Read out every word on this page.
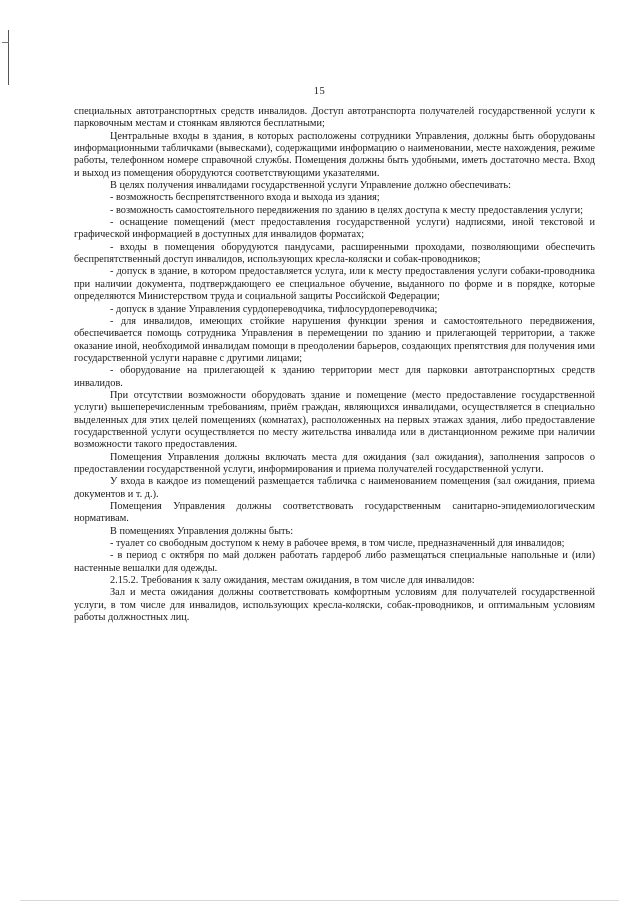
15

специальных автотранспортных средств инвалидов. Доступ автотранспорта получателей государственной услуги к парковочным местам и стоянкам являются бесплатными;

Центральные входы в здания, в которых расположены сотрудники Управления, должны быть оборудованы информационными табличками (вывесками), содержащими информацию о наименовании, месте нахождения, режиме работы, телефонном номере справочной службы. Помещения должны быть удобными, иметь достаточно места. Вход и выход из помещения оборудуются соответствующими указателями.

В целях получения инвалидами государственной услуги Управление должно обеспечивать:

- возможность беспрепятственного входа и выхода из здания;

- возможность самостоятельного передвижения по зданию в целях доступа к месту предоставления услуги;

- оснащение помещений (мест предоставления государственной услуги) надписями, иной текстовой и графической информацией в доступных для инвалидов форматах;

- входы в помещения оборудуются пандусами, расширенными проходами, позволяющими обеспечить беспрепятственный доступ инвалидов, использующих кресла-коляски и собак-проводников;

- допуск в здание, в котором предоставляется услуга, или к месту предоставления услуги собаки-проводника при наличии документа, подтверждающего ее специальное обучение, выданного по форме и в порядке, которые определяются Министерством труда и социальной защиты Российской Федерации;

- допуск в здание Управления сурдопереводчика, тифлосурдопереводчика;

- для инвалидов, имеющих стойкие нарушения функции зрения и самостоятельного передвижения, обеспечивается помощь сотрудника Управления в перемещении по зданию и прилегающей территории, а также оказание иной, необходимой инвалидам помощи в преодолении барьеров, создающих препятствия для получения ими государственной услуги наравне с другими лицами;

- оборудование на прилегающей к зданию территории мест для парковки автотранспортных средств инвалидов.

При отсутствии возможности оборудовать здание и помещение (место предоставление государственной услуги) вышеперечисленным требованиям, приём граждан, являющихся инвалидами, осуществляется в специально выделенных для этих целей помещениях (комнатах), расположенных на первых этажах здания, либо предоставление государственной услуги осуществляется по месту жительства инвалида или в дистанционном режиме при наличии возможности такого предоставления.

Помещения Управления должны включать места для ожидания (зал ожидания), заполнения запросов о предоставлении государственной услуги, информирования и приема получателей государственной услуги.

У входа в каждое из помещений размещается табличка с наименованием помещения (зал ожидания, приема документов и т. д.).

Помещения Управления должны соответствовать государственным санитарно-эпидемиологическим нормативам.

В помещениях Управления должны быть:

- туалет со свободным доступом к нему в рабочее время, в том числе, предназначенный для инвалидов;

- в период с октября по май должен работать гардероб либо размещаться специальные напольные и (или) настенные вешалки для одежды.

2.15.2. Требования к залу ожидания, местам ожидания, в том числе для инвалидов:

Зал и места ожидания должны соответствовать комфортным условиям для получателей государственной услуги, в том числе для инвалидов, использующих кресла-коляски, собак-проводников, и оптимальным условиям работы должностных лиц.
